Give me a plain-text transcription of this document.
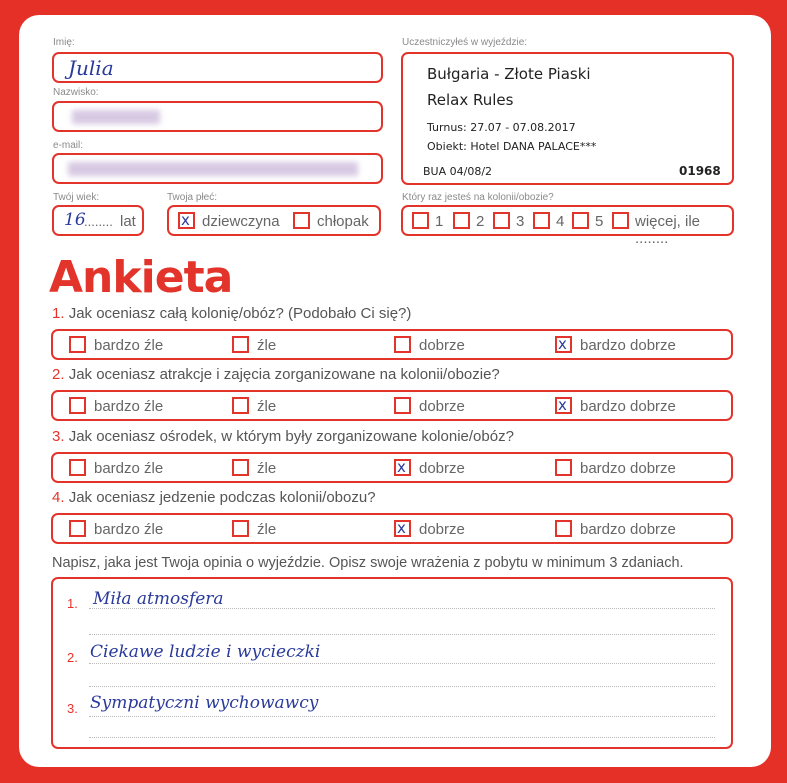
Imię:
Julia
Nazwisko:
e-mail:
Twój wiek:
16
........ lat
Twoja płeć:
x dziewczyna chłopak
Uczestniczyłeś w wyjeździe:
Bułgaria - Złote Piaski
Relax Rules
Turnus: 27.07 - 07.08.2017
Obiekt: Hotel DANA PALACE***
BUA 04/08/2	01968
Który raz jesteś na kolonii/obozie?
1 2 3 4 5 więcej, ile ........
Ankieta
1. Jak oceniasz całą kolonię/obóz? (Podobało Ci się?)
bardzo źle	źle	dobrze	x bardzo dobrze
2. Jak oceniasz atrakcje i zajęcia zorganizowane na kolonii/obozie?
bardzo źle	źle	dobrze	x bardzo dobrze
3. Jak oceniasz ośrodek, w którym były zorganizowane kolonie/obóz?
bardzo źle	źle	x dobrze	bardzo dobrze
4. Jak oceniasz jedzenie podczas kolonii/obozu?
bardzo źle	źle	x dobrze	bardzo dobrze
Napisz, jaka jest Twoja opinia o wyjeździe. Opisz swoje wrażenia z pobytu w minimum 3 zdaniach.
1. Miła atmosfera
2. Ciekawe ludzie i wycieczki
3. Sympatyczni wychowawcy
